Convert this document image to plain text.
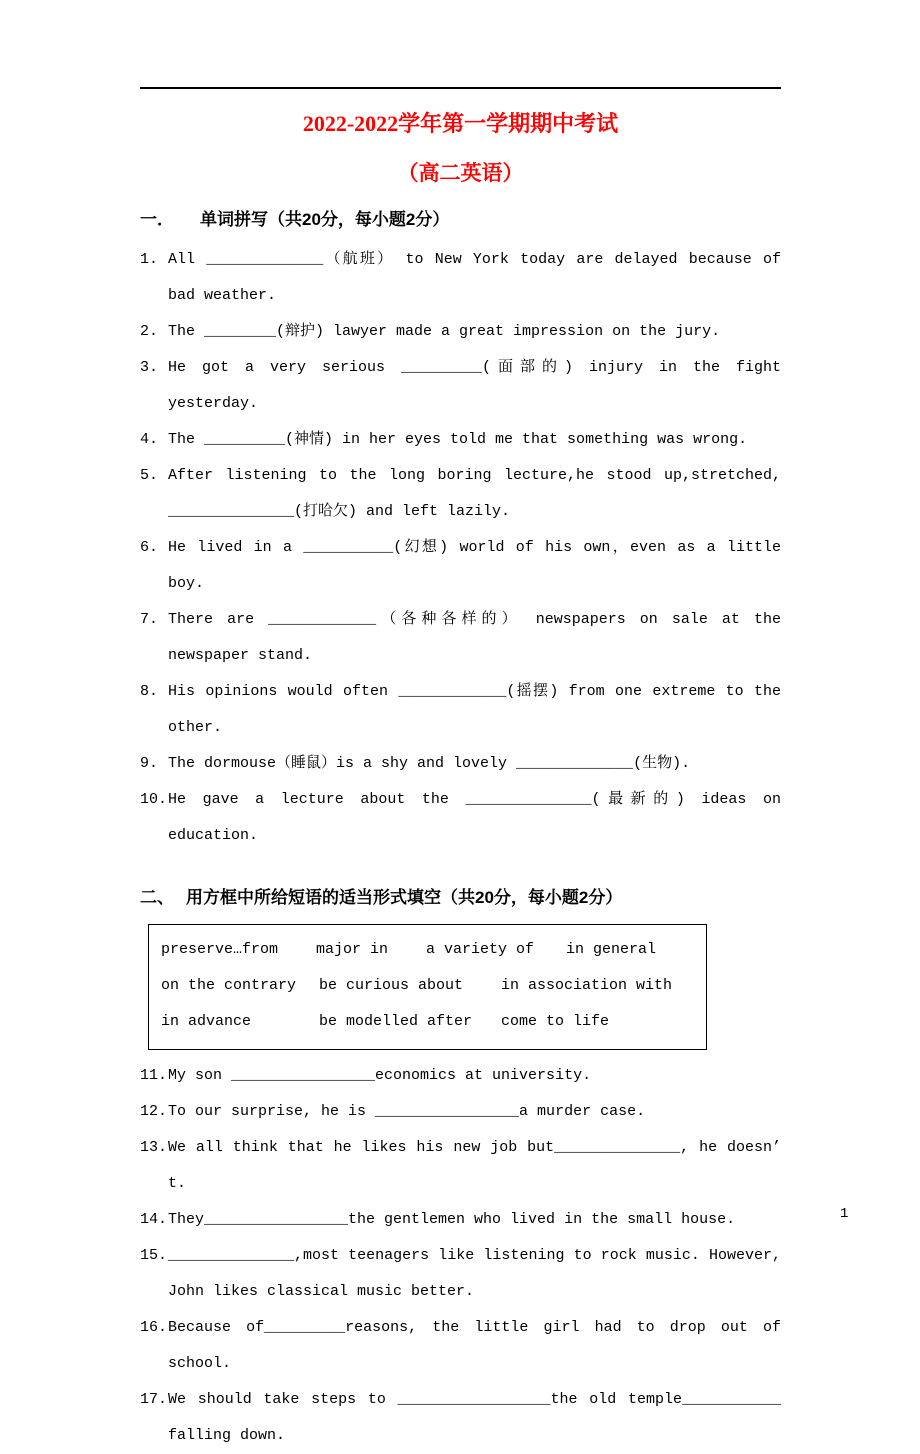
2022-2022学年第一学期期中考试
（高二英语）
一． 单词拼写（共20分，每小题2分）
1. All _____________（航班） to New York today are delayed because of bad weather.
2. The ________(辩护) lawyer made a great impression on the jury.
3. He got a very serious _________(面部的) injury in the fight yesterday.
4. The _________(神情) in her eyes told me that something was wrong.
5. After listening to the long boring lecture,he stood up,stretched, ______________(打哈欠) and left lazily.
6. He lived in a __________(幻想) world of his own，even as a little boy.
7. There are ____________（各种各样的） newspapers on sale at the newspaper stand.
8. His opinions would often ____________(摇摆) from one extreme to the other.
9. The dormouse（睡鼠）is a shy and lovely _____________(生物).
10. He gave a lecture about the ______________(最新的) ideas on education.
二、 用方框中所给短语的适当形式填空（共20分，每小题2分）
preserve…from	major in	a variety of	in general
on the contrary	be curious about	in association with
in advance	be modelled after	come to life
11. My son ________________economics at university.
12. To our surprise, he is ________________a murder case.
13. We all think that he likes his new job but______________, he doesn’ t.
14. They________________the gentlemen who lived in the small house.
15. ______________,most teenagers like listening to rock music. However, John likes classical music better.
16. Because of_________reasons, the little girl had to drop out of school.
17. We should take steps to _________________the old temple___________ falling down.
1
